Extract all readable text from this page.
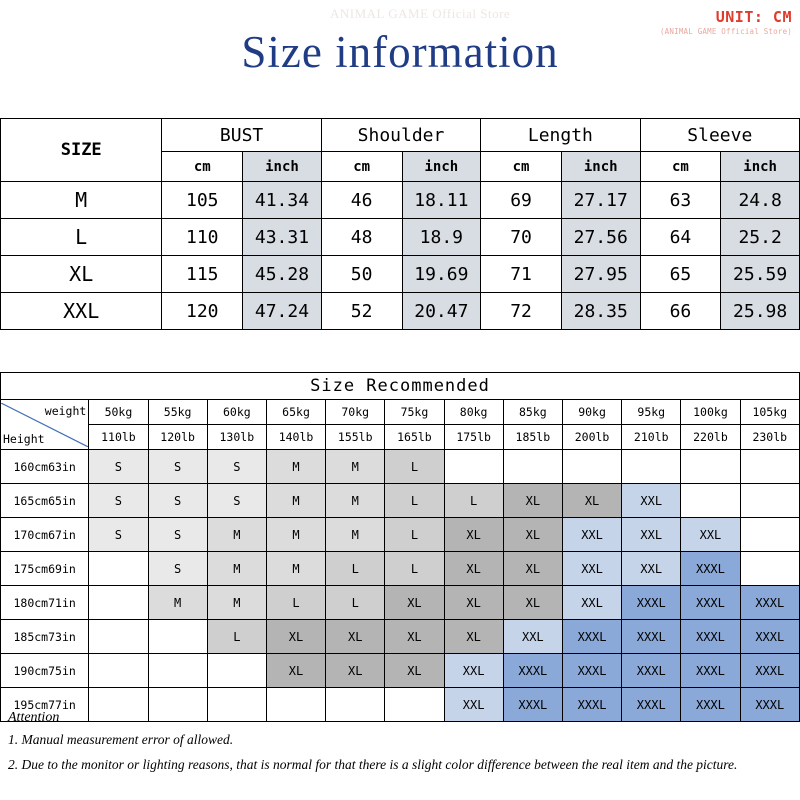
ANIMAL GAME Official Store	UNIT: CM
(ANIMAL GAME Official Store)
Size information
SIZE	BUST		Shoulder		Length		Sleeve	
	cm	inch	cm	inch	cm	inch	cm	inch
M	105	41.34	46	18.11	69	27.17	63	24.8
L	110	43.31	48	18.9	70	27.56	64	25.2
XL	115	45.28	50	19.69	71	27.95	65	25.59
XXL	120	47.24	52	20.47	72	28.35	66	25.98
Size Recommended												

weight
Height	50kg	55kg	60kg	65kg	70kg	75kg	80kg	85kg	90kg	95kg	100kg	105kg
	110lb	120lb	130lb	140lb	155lb	165lb	175lb	185lb	200lb	210lb	220lb	230lb
160cm63in	S	S	S	M	M	L						
165cm65in	S	S	S	M	M	L	L	XL	XL	XXL		
170cm67in	S	S	M	M	M	L	XL	XL	XXL	XXL	XXL	
175cm69in		S	M	M	L	L	XL	XL	XXL	XXL	XXXL	
180cm71in		M	M	L	L	XL	XL	XL	XXL	XXXL	XXXL	XXXL
185cm73in			L	XL	XL	XL	XL	XXL	XXXL	XXXL	XXXL	XXXL
190cm75in				XL	XL	XL	XXL	XXXL	XXXL	XXXL	XXXL	XXXL
195cm77in							XXL	XXXL	XXXL	XXXL	XXXL	XXXL
Attention
1. Manual measurement error of allowed.
2. Due to the monitor or lighting reasons, that is normal for that there is a slight color difference between the real item and the picture.
